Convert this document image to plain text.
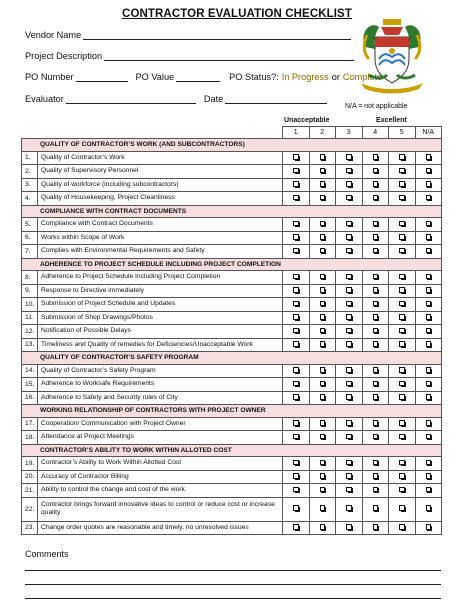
CONTRACTOR EVALUATION CHECKLIST
Vendor Name
Project Description
PO Number	PO Value	PO Status?: In Progress or Complete
Evaluator	Date
N/A = not applicable
Unacceptable	Excellent
		1	2	3	4	5	N/A
QUALITY OF CONTRACTOR’S WORK (AND SUBCONTRACTORS)							
1.	Quality of Contractor’s Work						
2.	Quality of Supervisory Personnel						
3.	Quality of workforce (including subcontractors)						
4.	Quality of Housekeeping, Project Cleanliness						
COMPLIANCE WITH CONTRACT DOCUMENTS							
5.	Compliance with Contract Documents						
6.	Works within Scope of Work						
7.	Complies with Environmental Requirements and Safety						
ADHERENCE TO PROJECT SCHEDULE INCLUDING PROJECT COMPLETION							
8.	Adherence to Project Schedule Including Project Completion						
9.	Response to Directive immediately						
10.	Submission of Project Schedule and Updates						
11.	Submission of Shop Drawings/Photos						
12.	Notification of Possible Delays						
13.	Timeliness and Quality of remedies for Deficiencies/Unacceptable Work						
QUALITY OF CONTRACTOR’S SAFETY PROGRAM							
14.	Quality of Contractor’s Safety Program						
15.	Adherence to Worksafe Requirements						
16.	Adherence to Safety and Security rules of City						
WORKING RELATIONSHIP OF CONTRACTORS WITH PROJECT OWNER							
17.	Cooperation/ Communication with Project Owner						
18.	Attendance at Project Meetings						
CONTRACTOR’S ABILITY TO WORK WITHIN ALLOTED COST							
19.	Contractor’s Ability to Work Within Allotted Cost						
20.	Accuracy of Contractor Billing						
21.	Ability to control the change and cost of the work						
22.	Contractor brings forward innovative ideas to control or reduce cost or increase quality						
23.	Change order quotes are reasonable and timely, no unresolved issues						
Comments
